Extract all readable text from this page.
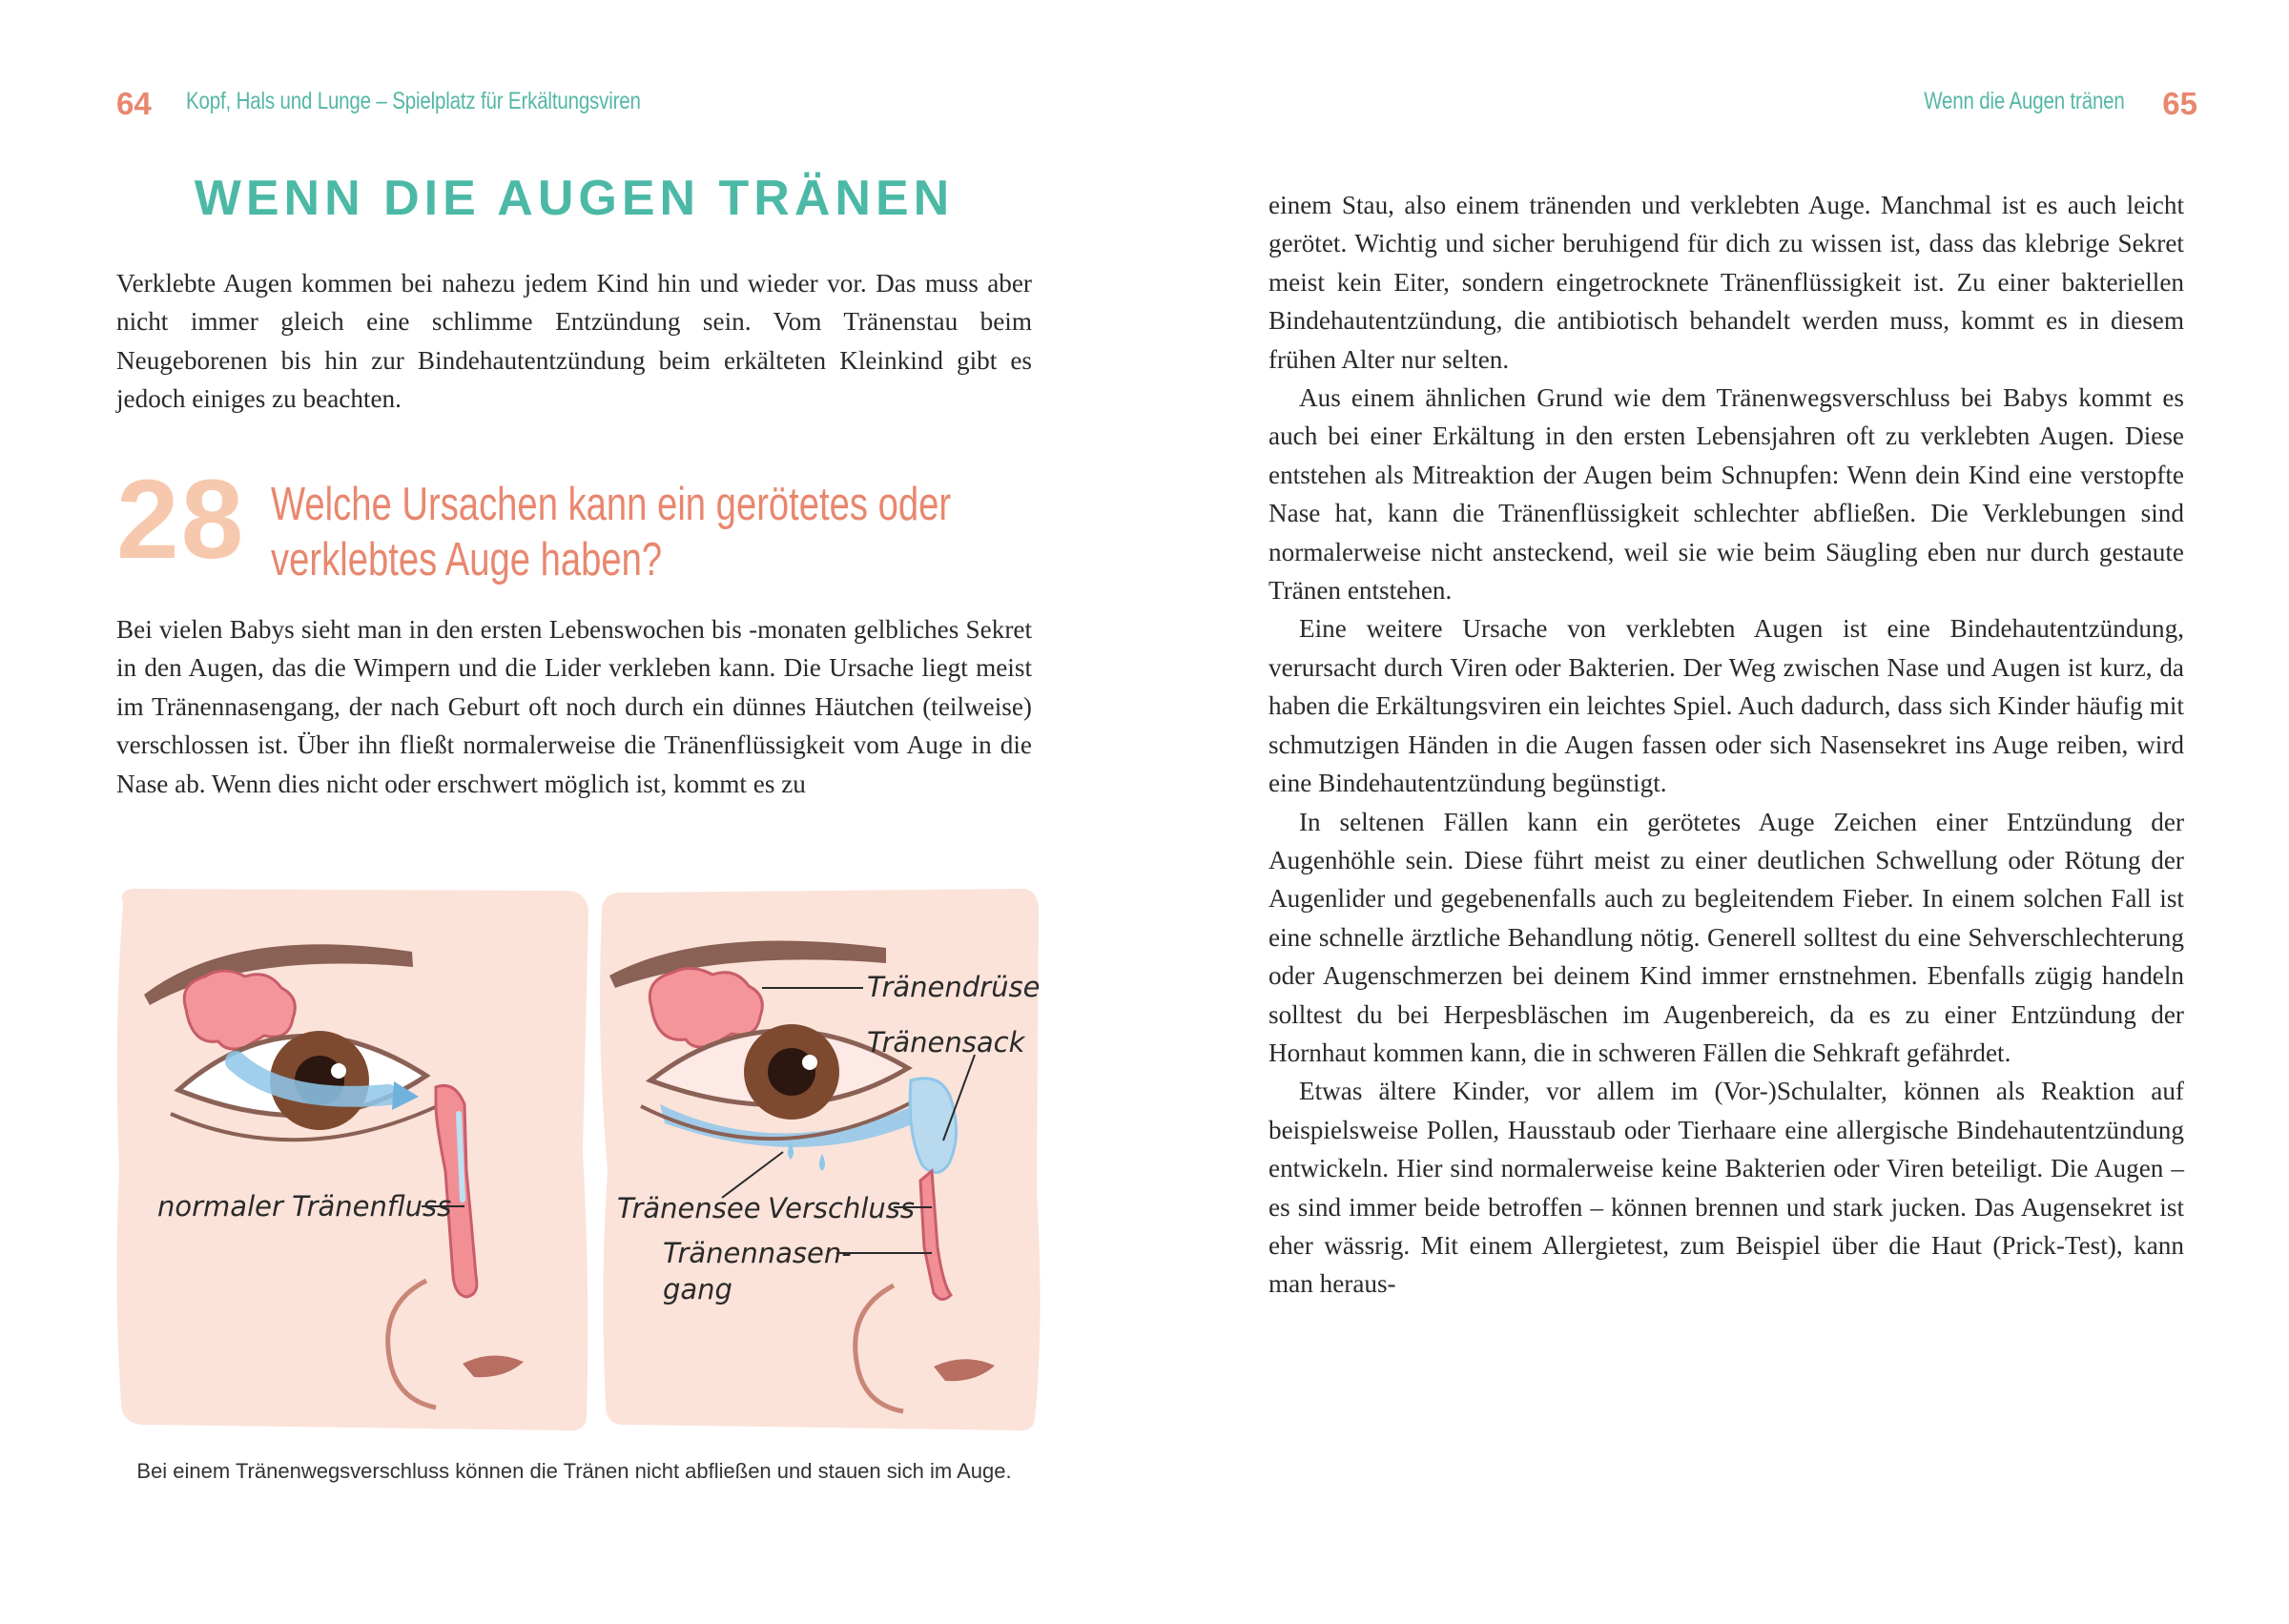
64 Kopf, Hals und Lunge – Spielplatz für Erkältungsviren
WENN DIE AUGEN TRÄNEN

Verklebte Augen kommen bei nahezu jedem Kind hin und wieder vor. Das muss aber nicht immer gleich eine schlimme Entzündung sein. Vom Tränenstau beim Neugeborenen bis hin zur Bindehautentzündung beim erkälteten Kleinkind gibt es jedoch einiges zu beachten.

28 Welche Ursachen kann ein gerötetes oder
verklebtes Auge haben?

Bei vielen Babys sieht man in den ersten Lebenswochen bis -monaten gelbliches Sekret in den Augen, das die Wimpern und die Lider verkleben kann. Die Ursache liegt meist im Tränennasengang, der nach Geburt oft noch durch ein dünnes Häutchen (teilweise) verschlossen ist. Über ihn fließt normalerweise die Tränenflüssigkeit vom Auge in die Nase ab. Wenn dies nicht oder erschwert möglich ist, kommt es zu

normaler Tränenfluss
Tränendrüse
Tränensack
Tränensee Verschluss
Tränennasen-
gang
Bei einem Tränenwegsverschluss können die Tränen nicht abfließen und stauen sich im Auge.
Wenn die Augen tränen 65

einem Stau, also einem tränenden und verklebten Auge. Manchmal ist es auch leicht gerötet. Wichtig und sicher beruhigend für dich zu wissen ist, dass das klebrige Sekret meist kein Eiter, sondern eingetrocknete Tränenflüssigkeit ist. Zu einer bakteriellen Bindehautentzündung, die antibiotisch behandelt werden muss, kommt es in diesem frühen Alter nur selten.

Aus einem ähnlichen Grund wie dem Tränenwegsverschluss bei Babys kommt es auch bei einer Erkältung in den ersten Lebensjahren oft zu verklebten Augen. Diese entstehen als Mitreaktion der Augen beim Schnupfen: Wenn dein Kind eine verstopfte Nase hat, kann die Tränenflüssigkeit schlechter abfließen. Die Verklebungen sind normalerweise nicht ansteckend, weil sie wie beim Säugling eben nur durch gestaute Tränen entstehen.

Eine weitere Ursache von verklebten Augen ist eine Bindehautentzündung, verursacht durch Viren oder Bakterien. Der Weg zwischen Nase und Augen ist kurz, da haben die Erkältungsviren ein leichtes Spiel. Auch dadurch, dass sich Kinder häufig mit schmutzigen Händen in die Augen fassen oder sich Nasensekret ins Auge reiben, wird eine Bindehautentzündung begünstigt.

In seltenen Fällen kann ein gerötetes Auge Zeichen einer Entzündung der Augenhöhle sein. Diese führt meist zu einer deutlichen Schwellung oder Rötung der Augenlider und gegebenenfalls auch zu begleitendem Fieber. In einem solchen Fall ist eine schnelle ärztliche Behandlung nötig. Generell solltest du eine Sehverschlechterung oder Augenschmerzen bei deinem Kind immer ernstnehmen. Ebenfalls zügig handeln solltest du bei Herpesbläschen im Augenbereich, da es zu einer Entzündung der Hornhaut kommen kann, die in schweren Fällen die Sehkraft gefährdet.

Etwas ältere Kinder, vor allem im (Vor-)Schulalter, können als Reaktion auf beispielsweise Pollen, Hausstaub oder Tierhaare eine allergische Bindehautentzündung entwickeln. Hier sind normalerweise keine Bakterien oder Viren beteiligt. Die Augen – es sind immer beide betroffen – können brennen und stark jucken. Das Augensekret ist eher wässrig. Mit einem Allergietest, zum Beispiel über die Haut (Prick-Test), kann man heraus-
